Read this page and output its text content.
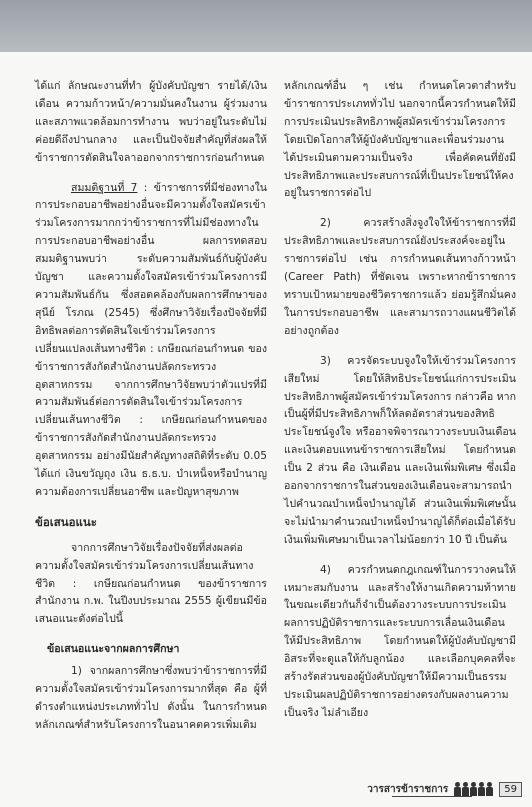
ได้แก่ ลักษณะงานที่ทำ ผู้บังคับบัญชา รายได้/เงินเดือน ความก้าวหน้า/ความมั่นคงในงาน ผู้ร่วมงาน และสภาพแวดล้อมการทำงาน พบว่าอยู่ในระดับไม่ค่อยดีถึงปานกลาง และเป็นปัจจัยสำคัญที่ส่งผลให้ข้าราชการตัดสินใจลาออกจากราชการก่อนกำหนด

สมมติฐานที่ 7 : ข้าราชการที่มีช่องทางในการประกอบอาชีพอย่างอื่นจะมีความตั้งใจสมัครเข้าร่วมโครงการมากกว่าข้าราชการที่ไม่มีช่องทางในการประกอบอาชีพอย่างอื่น ผลการทดสอบสมมติฐานพบว่า ระดับความสัมพันธ์กับผู้บังคับบัญชา และความตั้งใจสมัครเข้าร่วมโครงการมีความสัมพันธ์กัน ซึ่งสอดคล้องกับผลการศึกษาของ สุนีย์ โรภณ (2545) ซึ่งศึกษาวิจัยเรื่องปัจจัยที่มีอิทธิพลต่อการตัดสินใจเข้าร่วมโครงการเปลี่ยนแปลงเส้นทางชีวิต : เกษียณก่อนกำหนด ของข้าราชการสังกัดสำนักงานปลัดกระทรวงอุตสาหกรรม จากการศึกษาวิจัยพบว่าตัวแปรที่มีความสัมพันธ์ต่อการตัดสินใจเข้าร่วมโครงการเปลี่ยนเส้นทางชีวิต : เกษียณก่อนกำหนดของข้าราชการสังกัดสำนักงานปลัดกระทรวงอุตสาหกรรม อย่างมีนัยสำคัญทางสถิติที่ระดับ 0.05 ได้แก่ เงินขวัญถุง เงิน ธ.ธ.บ. บำเหน็จหรือบำนาญ ความต้องการเปลี่ยนอาชีพ และปัญหาสุขภาพ

ข้อเสนอแนะ

จากการศึกษาวิจัยเรื่องปัจจัยที่ส่งผลต่อความตั้งใจสมัครเข้าร่วมโครงการเปลี่ยนเส้นทางชีวิต : เกษียณก่อนกำหนด ของข้าราชการสำนักงาน ก.พ. ในปีงบประมาณ 2555 ผู้เขียนมีข้อเสนอแนะดังต่อไปนี้

ข้อเสนอแนะจากผลการศึกษา

1) จากผลการศึกษาซึ่งพบว่าข้าราชการที่มีความตั้งใจสมัครเข้าร่วมโครงการมากที่สุด คือ ผู้ที่ดำรงตำแหน่งประเภททั่วไป ดังนั้น ในการกำหนดหลักเกณฑ์สำหรับโครงการในอนาคตควรเพิ่มเติม

หลักเกณฑ์อื่น ๆ เช่น กำหนดโควตาสำหรับข้าราชการประเภททั่วไป นอกจากนี้ควรกำหนดให้มีการประเมินประสิทธิภาพผู้สมัครเข้าร่วมโครงการ โดยเปิดโอกาสให้ผู้บังคับบัญชาและเพื่อนร่วมงานได้ประเมินตามความเป็นจริง เพื่อคัดคนที่ยังมีประสิทธิภาพและประสบการณ์ที่เป็นประโยชน์ให้คงอยู่ในราชการต่อไป

2) ควรสร้างสิ่งจูงใจให้ข้าราชการที่มีประสิทธิภาพและประสบการณ์ยังประสงค์จะอยู่ในราชการต่อไป เช่น การกำหนดเส้นทางก้าวหน้า (Career Path) ที่ชัดเจน เพราะหากข้าราชการทราบเป้าหมายของชีวิตราชการแล้ว ย่อมรู้สึกมั่นคงในการประกอบอาชีพ และสามารถวางแผนชีวิตได้อย่างถูกต้อง

3) ควรจัดระบบจูงใจให้เข้าร่วมโครงการเสียใหม่ โดยให้สิทธิประโยชน์แก่การประเมินประสิทธิภาพผู้สมัครเข้าร่วมโครงการ กล่าวคือ หากเป็นผู้ที่มีประสิทธิภาพก็ให้ลดอัตราส่วนของสิทธิประโยชน์จูงใจ หรืออาจพิจารณาวางระบบเงินเดือนและเงินตอบแทนข้าราชการเสียใหม่ โดยกำหนดเป็น 2 ส่วน คือ เงินเดือน และเงินเพิ่มพิเศษ ซึ่งเมื่อออกจากราชการในส่วนของเงินเดือนจะสามารถนำไปคำนวณบำเหน็จบำนาญได้ ส่วนเงินเพิ่มพิเศษนั้นจะไม่นำมาคำนวณบำเหน็จบำนาญได้ก็ต่อเมื่อได้รับเงินเพิ่มพิเศษมาเป็นเวลาไม่น้อยกว่า 10 ปี เป็นต้น

4) ควรกำหนดกฎเกณฑ์ในการวางคนให้เหมาะสมกับงาน และสร้างให้งานเกิดความท้าทาย ในขณะเดียวกันก็จำเป็นต้องวางระบบการประเมินผลการปฏิบัติราชการและระบบการเลื่อนเงินเดือนให้มีประสิทธิภาพ โดยกำหนดให้ผู้บังคับบัญชามีอิสระที่จะดูแลให้กับลูกน้อง และเลือกบุคคลที่จะสร้างรัตส่วนของผู้บังคับบัญชาให้มีความเป็นธรรม ประเมินผลปฏิบัติราชการอย่างตรงกับผลงานความเป็นจริง ไม่ลำเอียง

วารสารข้าราชการ	59
